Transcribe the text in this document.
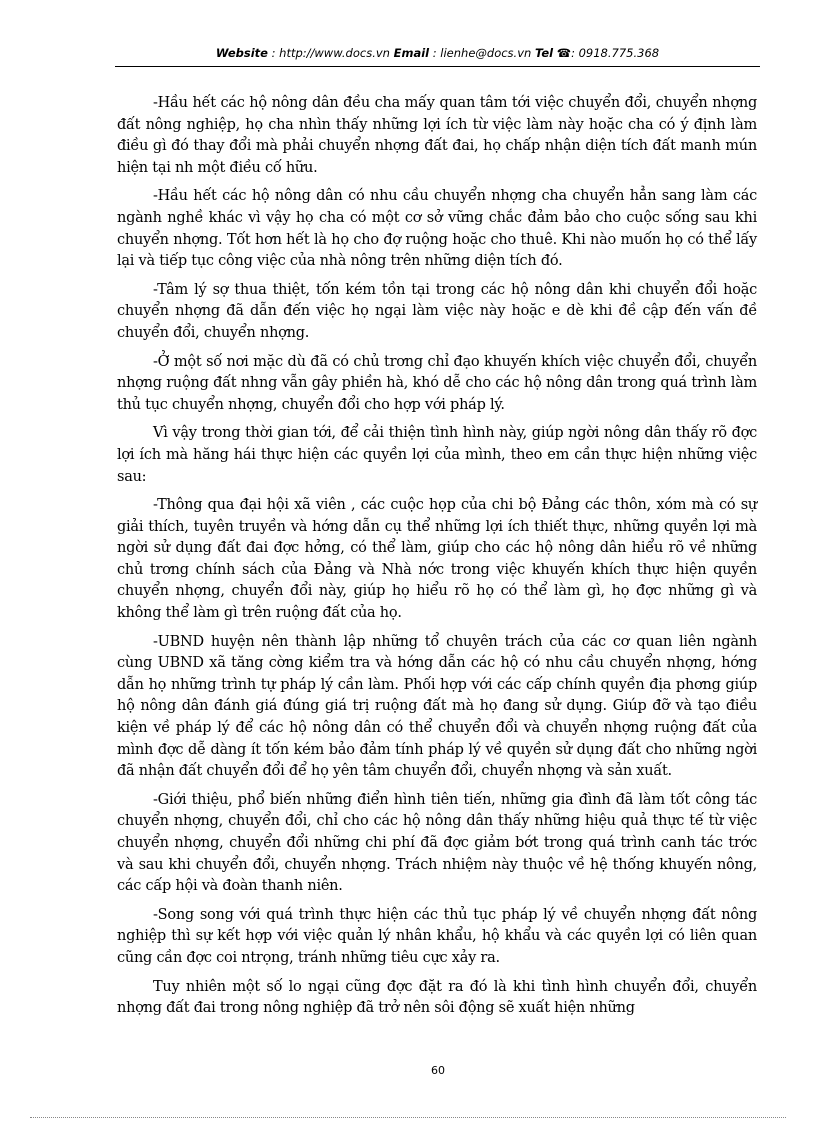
Website : http://www.docs.vn Email : lienhe@docs.vn Tel ☎: 0918.775.368

-Hầu hết các hộ nông dân đều cha mấy quan tâm tới việc chuyển đổi, chuyển nhợng đất nông nghiệp, họ cha nhìn thấy những lợi ích từ việc làm này hoặc cha có ý định làm điều gì đó thay đổi mà phải chuyển nhợng đất đai, họ chấp nhận diện tích đất manh mún hiện tại nh một điều cố hữu.

-Hầu hết các hộ nông dân có nhu cầu chuyển nhợng cha chuyển hẳn sang làm các ngành nghề khác vì vậy họ cha có một cơ sở vững chắc đảm bảo cho cuộc sống sau khi chuyển nhợng. Tốt hơn hết là họ cho đợ ruộng hoặc cho thuê. Khi nào muốn họ có thể lấy lại và tiếp tục công việc của nhà nông trên những diện tích đó.

-Tâm lý sợ thua thiệt, tốn kém tồn tại trong các hộ nông dân khi chuyển đổi hoặc chuyển nhợng đã dẫn đến việc họ ngại làm việc này hoặc e dè khi đề cập đến vấn đề chuyển đổi, chuyển nhợng.

-Ở một số nơi mặc dù đã có chủ trơng chỉ đạo khuyến khích việc chuyển đổi, chuyển nhợng ruộng đất nhng vẫn gây phiền hà, khó dễ cho các hộ nông dân trong quá trình làm thủ tục chuyển nhợng, chuyển đổi cho hợp với pháp lý.

Vì vậy trong thời gian tới, để cải thiện tình hình này, giúp ngời nông dân thấy rõ đợc lợi ích mà hăng hái thực hiện các quyền lợi của mình, theo em cần thực hiện những việc sau:

-Thông qua đại hội xã viên , các cuộc họp của chi bộ Đảng các thôn, xóm mà có sự giải thích, tuyên truyền và hớng dẫn cụ thể những lợi ích thiết thực, những quyền lợi mà ngời sử dụng đất đai đợc hởng, có thể làm, giúp cho các hộ nông dân hiểu rõ về những chủ trơng chính sách của Đảng và Nhà nớc trong việc khuyến khích thực hiện quyền chuyển nhợng, chuyển đổi này, giúp họ hiểu rõ họ có thể làm gì, họ đợc những gì và không thể làm gì trên ruộng đất của họ.

-UBND huyện nên thành lập những tổ chuyên trách của các cơ quan liên ngành cùng UBND xã tăng cờng kiểm tra và hớng dẫn các hộ có nhu cầu chuyển nhợng, hớng dẫn họ những trình tự pháp lý cần làm. Phối hợp với các cấp chính quyền địa phơng giúp hộ nông dân đánh giá đúng giá trị ruộng đất mà họ đang sử dụng. Giúp đỡ và tạo điều kiện về pháp lý để các hộ nông dân có thể chuyển đổi và chuyển nhợng ruộng đất của mình đợc dễ dàng ít tốn kém bảo đảm tính pháp lý về quyền sử dụng đất cho những ngời đã nhận đất chuyển đổi để họ yên tâm chuyển đổi, chuyển nhợng và sản xuất.

-Giới thiệu, phổ biến những điển hình tiên tiến, những gia đình đã làm tốt công tác chuyển nhợng, chuyển đổi, chỉ cho các hộ nông dân thấy những hiệu quả thực tế từ việc chuyển nhợng, chuyển đổi những chi phí đã đợc giảm bớt trong quá trình canh tác trớc và sau khi chuyển đổi, chuyển nhợng. Trách nhiệm này thuộc về hệ thống khuyến nông, các cấp hội và đoàn thanh niên.

-Song song với quá trình thực hiện các thủ tục pháp lý về chuyển nhợng đất nông nghiệp thì sự kết hợp với việc quản lý nhân khẩu, hộ khẩu và các quyền lợi có liên quan cũng cần đợc coi ntrọng, tránh những tiêu cực xảy ra.

Tuy nhiên một số lo ngại cũng đợc đặt ra đó là khi tình hình chuyển đổi, chuyển nhợng đất đai trong nông nghiệp đã trở nên sôi động sẽ xuất hiện những

60
